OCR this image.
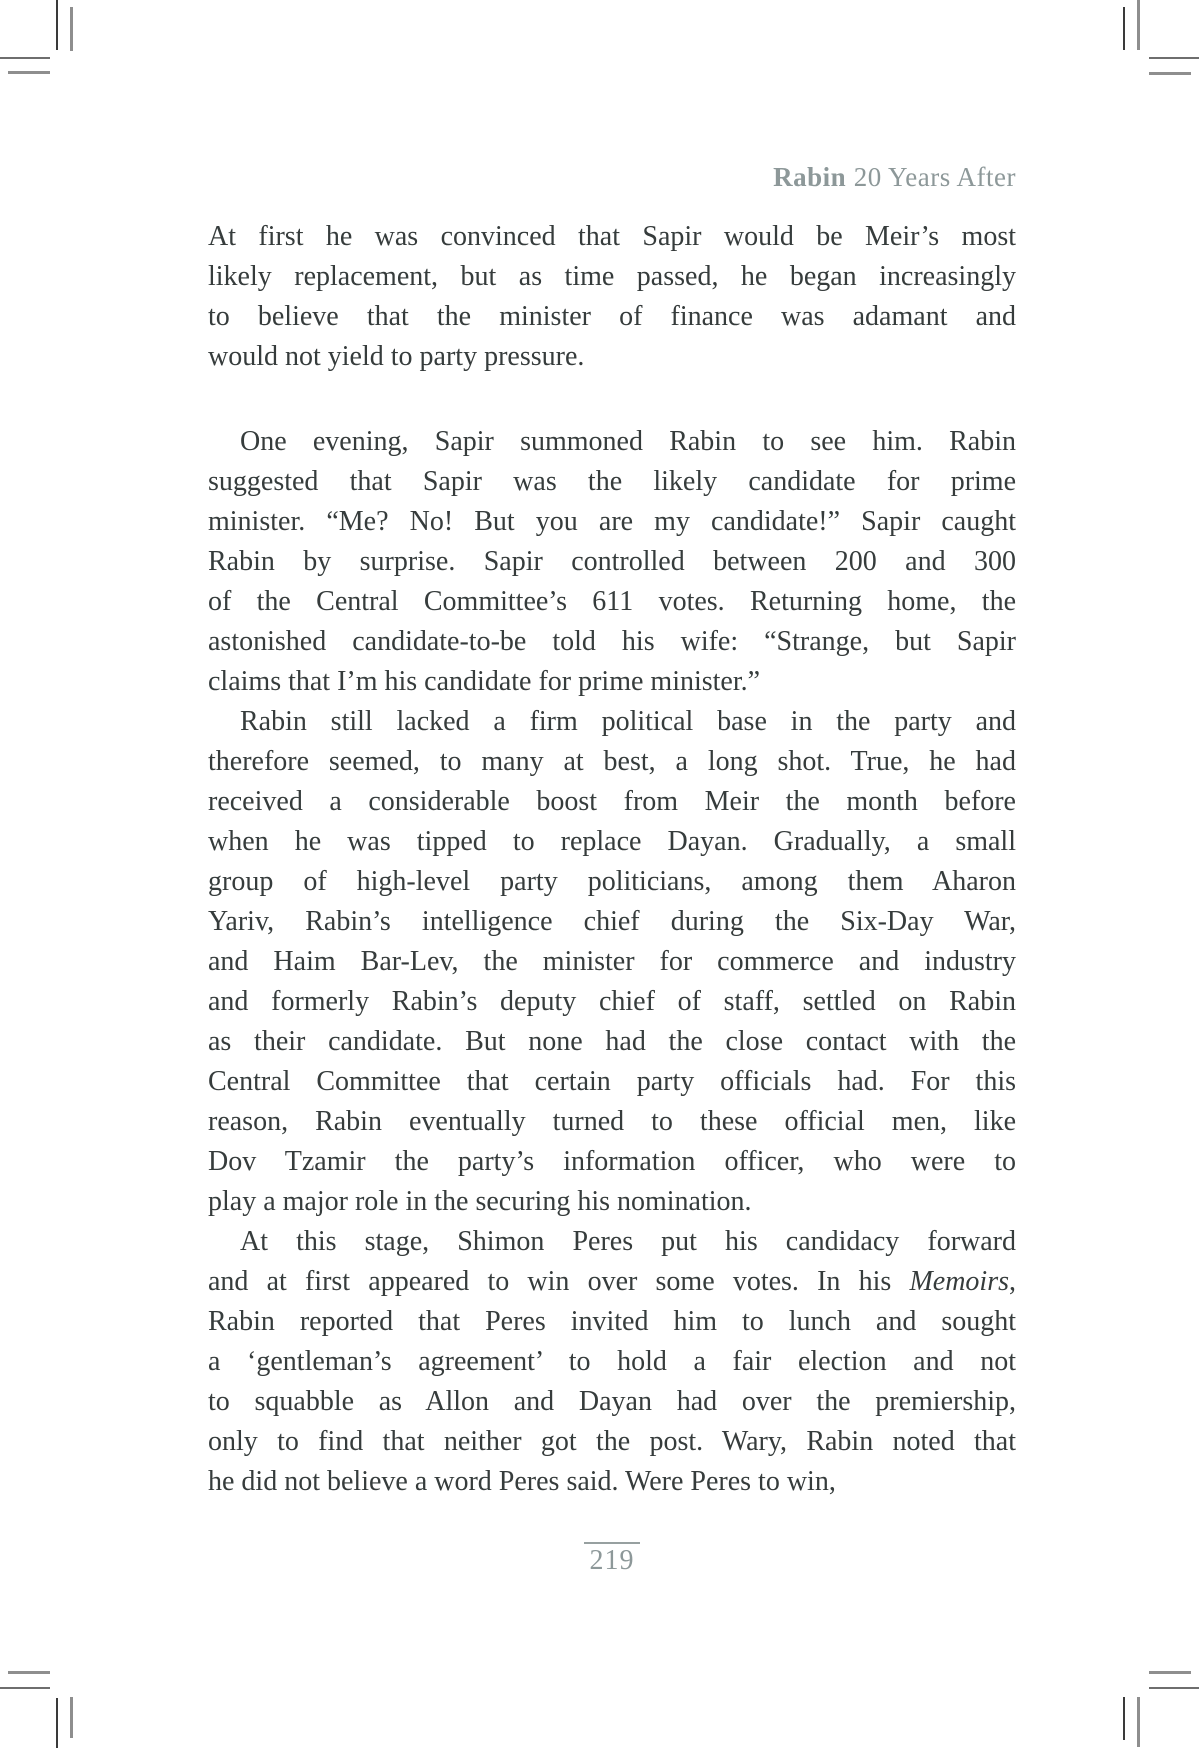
Rabin 20 Years After
At first he was convinced that Sapir would be Meir’s most
likely replacement, but as time passed, he began increasingly
to believe that the minister of finance was adamant and
would not yield to party pressure.
One evening, Sapir summoned Rabin to see him. Rabin
suggested that Sapir was the likely candidate for prime
minister. “Me? No! But you are my candidate!” Sapir caught
Rabin by surprise. Sapir controlled between 200 and 300
of the Central Committee’s 611 votes. Returning home, the
astonished candidate-to-be told his wife: “Strange, but Sapir
claims that I’m his candidate for prime minister.”
Rabin still lacked a firm political base in the party and
therefore seemed, to many at best, a long shot. True, he had
received a considerable boost from Meir the month before
when he was tipped to replace Dayan. Gradually, a small
group of high-level party politicians, among them Aharon
Yariv, Rabin’s intelligence chief during the Six-Day War,
and Haim Bar-Lev, the minister for commerce and industry
and formerly Rabin’s deputy chief of staff, settled on Rabin
as their candidate. But none had the close contact with the
Central Committee that certain party officials had. For this
reason, Rabin eventually turned to these official men, like
Dov Tzamir the party’s information officer, who were to
play a major role in the securing his nomination.
At this stage, Shimon Peres put his candidacy forward
and at first appeared to win over some votes. In his Memoirs,
Rabin reported that Peres invited him to lunch and sought
a ‘gentleman’s agreement’ to hold a fair election and not
to squabble as Allon and Dayan had over the premiership,
only to find that neither got the post. Wary, Rabin noted that
he did not believe a word Peres said. Were Peres to win,
219
